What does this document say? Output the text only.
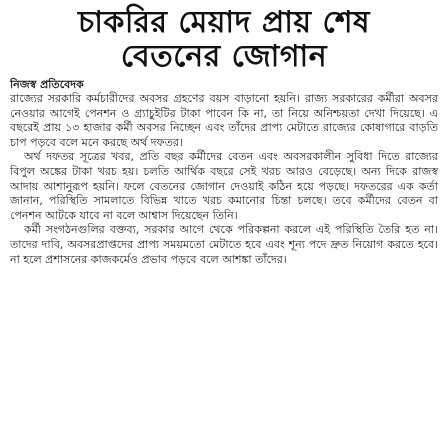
চাকরির মেয়াদ প্রায় শেষ
বেতনের জোগান
নিজস্ব প্রতিবেদক

রাজ্যের সরকারি কর্মচারীদের অবসর গ্রহণের বয়স বাড়ানো হয়নি। রাজ্য সরকারের কর্মীরা অবসর নেওয়ার আগেই পেনশন ও গ্র্যাচুইটির টাকা পাবেন কি না, তা নিয়ে অনিশ্চয়তা দেখা দিয়েছে। এ বছরেই প্রায় ১৩ হাজার কর্মী অবসর নিচ্ছেন এবং তাঁদের প্রাপ্য মেটাতে রাজ্যের কোষাগারে বাড়তি চাপ পড়বে বলে মনে করছে অর্থ দফতর।

অর্থ দফতর সূত্রের খবর, প্রতি বছর কর্মীদের বেতন এবং অবসরকালীন সুবিধা দিতে রাজ্যের বিপুল অঙ্কের টাকা খরচ হয়। চলতি আর্থিক বছরে সেই খরচ আরও বেড়েছে। অন্য দিকে রাজস্ব আদায় আশানুরূপ হয়নি। ফলে বেতনের জোগান দেওয়াই কঠিন হয়ে পড়ছে। দফতরের এক কর্তা জানান, পরিস্থিতি সামলাতে বিভিন্ন খাতে খরচ কমানোর চিন্তা চলছে। তবে কর্মীদের বেতন বা পেনশন আটকে যাবে না বলে আশ্বাস দিয়েছেন তিনি।

কর্মী সংগঠনগুলির বক্তব্য, সরকার আগে থেকে পরিকল্পনা করলে এই পরিস্থিতি তৈরি হত না। তাদের দাবি, অবসরপ্রাপ্তদের প্রাপ্য সময়মতো মেটাতে হবে এবং শূন্য পদে দ্রুত নিয়োগ করতে হবে। না হলে প্রশাসনের কাজকর্মেও প্রভাব পড়বে বলে আশঙ্কা তাঁদের।
